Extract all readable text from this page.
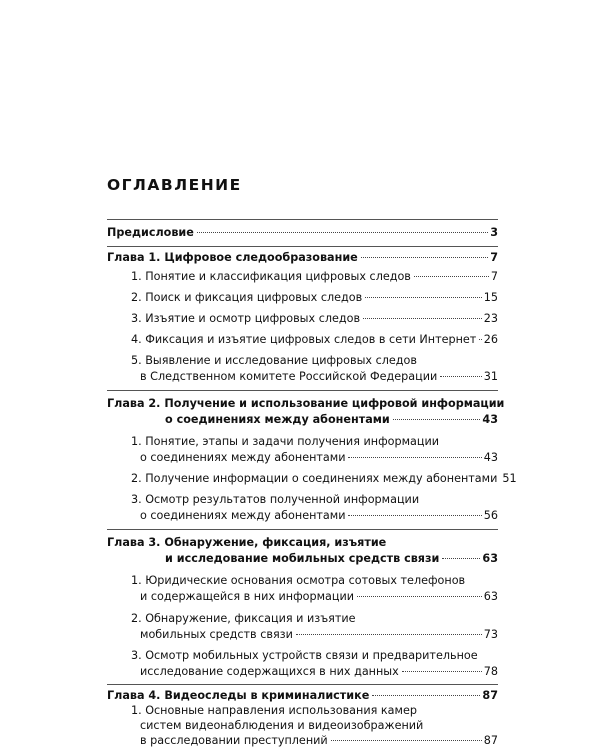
ОГЛАВЛЕНИЕ
Предисловие	3
Глава 1. Цифровое следообразование	7
1. Понятие и классификация цифровых следов	7
2. Поиск и фиксация цифровых следов	15
3. Изъятие и осмотр цифровых следов	23
4. Фиксация и изъятие цифровых следов в сети Интернет 26
5. Выявление и исследование цифровых следов
в Следственном комитете Российской Федерации	31
Глава 2. Получение и использование цифровой информации
о соединениях между абонентами	43
1. Понятие, этапы и задачи получения информации
о соединениях между абонентами	43
2. Получение информации о соединениях между абонентами 51
3. Осмотр результатов полученной информации
о соединениях между абонентами	56
Глава 3. Обнаружение, фиксация, изъятие
и исследование мобильных средств связи	63
1. Юридические основания осмотра сотовых телефонов
и содержащейся в них информации	63
2. Обнаружение, фиксация и изъятие
мобильных средств связи	73
3. Осмотр мобильных устройств связи и предварительное
исследование содержащихся в них данных	78
Глава 4. Видеоследы в криминалистике	87
1. Основные направления использования камер
систем видеонаблюдения и видеоизображений
в расследовании преступлений	87
